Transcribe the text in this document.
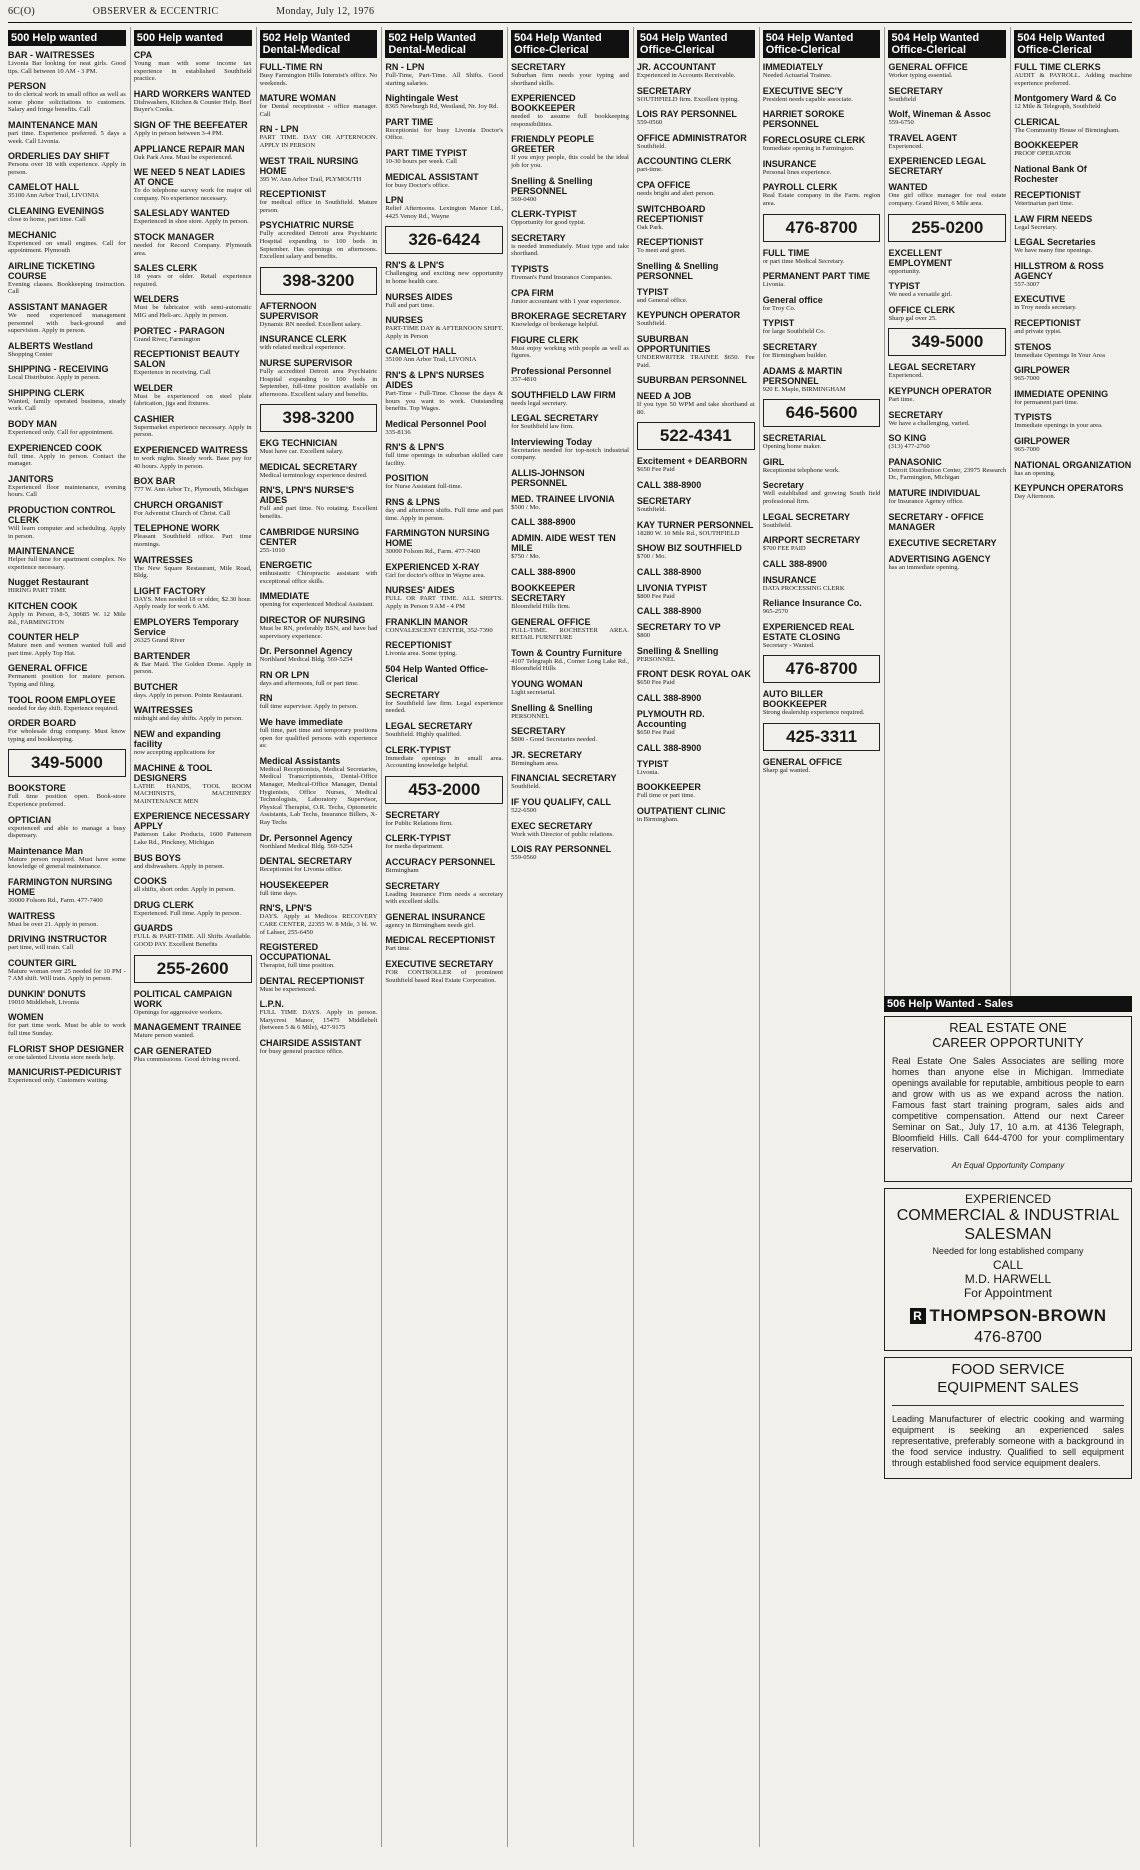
6C(O)	OBSERVER & ECCENTRIC	Monday, July 12, 1976
500 Help wanted
BAR - WAITRESSES
Livonia Bar looking for neat girls. Good tips. Call between 10 AM - 3 PM.
PERSON
to do clerical work in small office as well as some phone solicitations to customers. Salary and fringe benefits. Call
MAINTENANCE MAN
part time. Experience preferred. 5 days a week. Call Livonia.
ORDERLIES DAY SHIFT
Persons over 18 with experience. Apply in person.
CAMELOT HALL
35100 Ann Arbor Trail, LIVONIA
CLEANING EVENINGS
close to home, part time. Call
MECHANIC
Experienced on small engines. Call for appointment. Plymouth
AIRLINE TICKETING COURSE
Evening classes. Bookkeeping instruction. Call
ASSISTANT MANAGER
We need experienced management personnel with back-ground and supervision. Apply in person.
ALBERTS Westland
Shopping Center
SHIPPING - RECEIVING
Local Distributor. Apply in person.
SHIPPING CLERK
Wanted, family operated business, steady work. Call
BODY MAN
Experienced only. Call for appointment.
EXPERIENCED COOK
full time. Apply in person. Contact the manager.
JANITORS
Experienced floor maintenance, evening hours. Call
PRODUCTION CONTROL CLERK
Will learn computer and scheduling. Apply in person.
MAINTENANCE
Helper full time for apartment complex. No experience necessary.
Nugget Restaurant
HIRING PART TIME
KITCHEN COOK
Apply in Person, 8-5, 30685 W. 12 Mile Rd., FARMINGTON
COUNTER HELP
Mature men and women wanted full and part time. Apply Top Hat.
GENERAL OFFICE
Permanent position for mature person. Typing and filing.
TOOL ROOM EMPLOYEE
needed for day shift. Experience required.
ORDER BOARD
For wholesale drug company. Must know typing and bookkeeping.
349-5000
BOOKSTORE
Full time position open. Book-store Experience preferred.
OPTICIAN
experienced and able to manage a busy dispensary.
Maintenance Man
Mature person required. Must have some knowledge of general maintenance.
FARMINGTON NURSING HOME
30000 Folsom Rd., Farm. 477-7400
WAITRESS
Must be over 21. Apply in person.
DRIVING INSTRUCTOR
part time, will train. Call
COUNTER GIRL
Mature woman over 25 needed for 10 PM - 7 AM shift. Will train. Apply in person.
DUNKIN' DONUTS
19010 Middlebelt, Livonia
WOMEN
for part time work. Must be able to work full time Sunday.
FLORIST SHOP DESIGNER
or one talented Livonia store needs help.
MANICURIST-PEDICURIST
Experienced only. Customers waiting.
500 Help wanted
CPA
Young man with some income tax experience in established Southfield practice.
HARD WORKERS WANTED
Dishwashers, Kitchen & Counter Help. Beef Buyer's Cooks.
SIGN OF THE BEEFEATER
Apply in person between 3-4 PM.
APPLIANCE REPAIR MAN
Oak Park Area. Must be experienced.
WE NEED 5 NEAT LADIES AT ONCE
To do telephone survey work for major oil company. No experience necessary.
SALESLADY WANTED
Experienced in shoe store. Apply in person.
STOCK MANAGER
needed for Record Company. Plymouth area.
SALES CLERK
18 years or older. Retail experience required.
WELDERS
Must be fabricator with semi-automatic MIG and Heli-arc. Apply in person.
PORTEC - PARAGON
Grand River, Farmington
RECEPTIONIST BEAUTY SALON
Experience in receiving. Call
WELDER
Must be experienced on steel plate fabrication, jigs and fixtures.
CASHIER
Supermarket experience necessary. Apply in person.
EXPERIENCED WAITRESS
to work nights. Steady work. Base pay for 40 hours. Apply in person.
BOX BAR
777 W. Ann Arbor Tr., Plymouth, Michigan
CHURCH ORGANIST
For Adventist Church of Christ. Call
TELEPHONE WORK
Pleasant Southfield office. Part time mornings.
WAITRESSES
The New Square Restaurant, Mile Road, Bldg.
LIGHT FACTORY
DAYS. Men needed 18 or older, $2.30 hour. Apply ready for work 6 AM.
EMPLOYERS Temporary Service
26325 Grand River
BARTENDER
& Bar Maid. The Golden Dome. Apply in person.
BUTCHER
days. Apply in person. Pointe Restaurant.
WAITRESSES
midnight and day shifts. Apply in person.
NEW and expanding facility
now accepting applications for
MACHINE & TOOL DESIGNERS
LATHE HANDS, TOOL ROOM MACHINISTS, MACHINERY MAINTENANCE MEN
EXPERIENCE NECESSARY APPLY
Patterson Lake Products, 1600 Patterson Lake Rd., Pinckney, Michigan
BUS BOYS
and dishwashers. Apply in person.
COOKS
all shifts, short order. Apply in person.
DRUG CLERK
Experienced. Full time. Apply in person.
GUARDS
FULL & PART-TIME. All Shifts Available. GOOD PAY. Excellent Benefits
255-2600
POLITICAL CAMPAIGN WORK
Openings for aggressive workers.
MANAGEMENT TRAINEE
Mature person wanted.
CAR GENERATED
Plus commissions. Good driving record.
502 Help Wanted Dental-Medical
FULL-TIME RN
Busy Farmington Hills Internist's office. No weekends.
MATURE WOMAN
for Dental receptionist - office manager. Call
RN - LPN
PART TIME. DAY OR AFTERNOON. APPLY IN PERSON
WEST TRAIL NURSING HOME
395 W. Ann Arbor Trail, PLYMOUTH
RECEPTIONIST
for medical office in Southfield. Mature person.
PSYCHIATRIC NURSE
Fully accredited Detroit area Psychiatric Hospital expanding to 100 beds in September. Has openings on afternoons. Excellent salary and benefits.
398-3200
AFTERNOON SUPERVISOR
Dynamic RN needed. Excellent salary.
INSURANCE CLERK
with related medical experience.
NURSE SUPERVISOR
Fully accredited Detroit area Psychiatric Hospital expanding to 100 beds in September, full-time position available on afternoons. Excellent salary and benefits.
398-3200
EKG TECHNICIAN
Must have car. Excellent salary.
MEDICAL SECRETARY
Medical terminology experience desired.
RN'S, LPN'S NURSE'S AIDES
Full and part time. No rotating. Excellent benefits.
CAMBRIDGE NURSING CENTER
255-1010
ENERGETIC
enthusiastic Chiropractic assistant with exceptional office skills.
IMMEDIATE
opening for experienced Medical Assistant.
DIRECTOR OF NURSING
Must be RN, preferably BSN, and have had supervisory experience.
Dr. Personnel Agency
Northland Medical Bldg. 569-5254
RN OR LPN
days and afternoons, full or part time.
RN
full time supervisor. Apply in person.
We have immediate
full time, part time and temporary positions open for qualified persons with experience as:
Medical Assistants
Medical Receptionists, Medical Secretaries, Medical Transcriptionists, Dental-Office Manager, Medical-Office Manager, Dental Hygienists, Office Nurses, Medical Technologists, Laboratory Supervisor, Physical Therapist, O.R. Techs, Optometric Assistants, Lab Techs, Insurance Billers, X-Ray Techs
Dr. Personnel Agency
Northland Medical Bldg. 569-5254
DENTAL SECRETARY
Receptionist for Livonia office.
HOUSEKEEPER
full time days.
RN'S, LPN'S
DAYS. Apply at Medicos RECOVERY CARE CENTER, 22355 W. 8 Mile, 3 bl. W. of Lahser, 255-6450
REGISTERED OCCUPATIONAL
Therapist, full time position.
DENTAL RECEPTIONIST
Must be experienced.
L.P.N.
FULL TIME DAYS. Apply in person. Marycrest Manor, 15475 Middlebelt (between 5 & 6 Mile), 427-9175
CHAIRSIDE ASSISTANT
for busy general practice office.
502 Help Wanted Dental-Medical
RN - LPN
Full-Time, Part-Time. All Shifts. Good starting salaries.
Nightingale West
8365 Newburgh Rd, Westland, Nr. Joy Rd.
PART TIME
Receptionist for busy Livonia Doctor's Office.
PART TIME TYPIST
10-30 hours per week. Call
MEDICAL ASSISTANT
for busy Doctor's office.
LPN
Relief Afternoons. Lexington Manor Ltd., 4425 Venoy Rd., Wayne
326-6424
RN'S & LPN'S
Challenging and exciting new opportunity in home health care.
NURSES AIDES
Full and part time.
NURSES
PART-TIME DAY & AFTERNOON SHIFT. Apply in Person
CAMELOT HALL
35100 Ann Arbor Trail, LIVONIA
RN'S & LPN'S NURSES AIDES
Part-Time - Full-Time. Choose the days & hours you want to work. Outstanding benefits. Top Wages.
Medical Personnel Pool
335-8136
RN'S & LPN'S
full time openings in suburban skilled care facility.
POSITION
for Nurse Assistant full-time.
RNS & LPNS
day and afternoon shifts. Full time and part time. Apply in person.
FARMINGTON NURSING HOME
30000 Folsom Rd., Farm. 477-7400
EXPERIENCED X-RAY
Girl for doctor's office in Wayne area.
NURSES' AIDES
FULL OR PART TIME. ALL SHIFTS. Apply in Person 9 AM - 4 PM
FRANKLIN MANOR
CONVALESCENT CENTER, 352-7390
RECEPTIONIST
Livonia area. Some typing.
504 Help Wanted Office-Clerical
SECRETARY
for Southfield law firm. Legal experience needed.
LEGAL SECRETARY
Southfield. Highly qualified.
CLERK-TYPIST
Immediate openings in small area. Accounting knowledge helpful.
453-2000
SECRETARY
for Public Relations firm.
CLERK-TYPIST
for media department.
ACCURACY PERSONNEL
Birmingham
SECRETARY
Leading Insurance Firm needs a secretary with excellent skills.
GENERAL INSURANCE
agency in Birmingham needs girl.
MEDICAL RECEPTIONIST
Part time.
EXECUTIVE SECRETARY
FOR CONTROLLER of prominent Southfield based Real Estate Corporation.
504 Help Wanted Office-Clerical
SECRETARY
Suburban firm needs your typing and shorthand skills.
EXPERIENCED BOOKKEEPER
needed to assume full bookkeeping responsibilities.
FRIENDLY PEOPLE GREETER
If you enjoy people, this could be the ideal job for you.
Snelling & Snelling PERSONNEL
569-0400
CLERK-TYPIST
Opportunity for good typist.
SECRETARY
is needed immediately. Must type and take shorthand.
TYPISTS
Fireman's Fund Insurance Companies.
CPA FIRM
Junior accountant with 1 year experience.
BROKERAGE SECRETARY
Knowledge of brokerage helpful.
FIGURE CLERK
Must enjoy working with people as well as figures.
Professional Personnel
357-4810
SOUTHFIELD LAW FIRM
needs legal secretary.
LEGAL SECRETARY
for Southfield law firm.
Interviewing Today
Secretaries needed for top-notch industrial company.
ALLIS-JOHNSON PERSONNEL
MED. TRAINEE LIVONIA
$500 / Mo.
CALL 388-8900
ADMIN. AIDE WEST TEN MILE
$750 / Mo.
CALL 388-8900
BOOKKEEPER SECRETARY
Bloomfield Hills firm.
GENERAL OFFICE
FULL-TIME. ROCHESTER AREA. RETAIL FURNITURE
Town & Country Furniture
4107 Telegraph Rd., Corner Long Lake Rd., Bloomfield Hills
YOUNG WOMAN
Light secretarial.
Snelling & Snelling
PERSONNEL
SECRETARY
$800 - Good Secretaries needed.
JR. SECRETARY
Birmingham area.
FINANCIAL SECRETARY
Southfield.
IF YOU QUALIFY, CALL
522-6500
EXEC SECRETARY
Work with Director of public relations.
LOIS RAY PERSONNEL
559-0560
504 Help Wanted Office-Clerical
JR. ACCOUNTANT
Experienced in Accounts Receivable.
SECRETARY
SOUTHFIELD firm. Excellent typing.
LOIS RAY PERSONNEL
559-0560
OFFICE ADMINISTRATOR
Southfield.
ACCOUNTING CLERK
part-time.
CPA OFFICE
needs bright and alert person.
SWITCHBOARD RECEPTIONIST
Oak Park.
RECEPTIONIST
To meet and greet.
Snelling & Snelling PERSONNEL
TYPIST
and General office.
KEYPUNCH OPERATOR
Southfield.
SUBURBAN OPPORTUNITIES
UNDERWRITER TRAINEE $650. Fee Paid.
SUBURBAN PERSONNEL
NEED A JOB
If you type 50 WPM and take shorthand at 80.
522-4341
Excitement + DEARBORN
$650 Fee Paid
CALL 388-8900
SECRETARY
Southfield.
KAY TURNER PERSONNEL
18280 W. 10 Mile Rd., SOUTHFIELD
SHOW BIZ SOUTHFIELD
$700 / Mo.
CALL 388-8900
LIVONIA TYPIST
$800 Fee Paid
CALL 388-8900
SECRETARY TO VP
$800
Snelling & Snelling
PERSONNEL
FRONT DESK ROYAL OAK
$650 Fee Paid
CALL 388-8900
PLYMOUTH RD. Accounting
$650 Fee Paid
CALL 388-8900
TYPIST
Livonia.
BOOKKEEPER
Full time or part time.
OUTPATIENT CLINIC
in Birmingham.
504 Help Wanted Office-Clerical
IMMEDIATELY
Needed Actuarial Trainee.
EXECUTIVE SEC'Y
President needs capable associate.
HARRIET SOROKE PERSONNEL
FORECLOSURE CLERK
Immediate opening in Farmington.
INSURANCE
Personal lines experience.
PAYROLL CLERK
Real Estate company in the Farm. region area.
476-8700
FULL TIME
or part time Medical Secretary.
PERMANENT PART TIME
Livonia.
General office
for Troy Co.
TYPIST
for large Southfield Co.
SECRETARY
for Birmingham builder.
ADAMS & MARTIN PERSONNEL
920 E. Maple, BIRMINGHAM
646-5600
SECRETARIAL
Opening home maker.
GIRL
Receptionist telephone work.
Secretary
Well established and growing South field professional firm.
LEGAL SECRETARY
Southfield.
AIRPORT SECRETARY
$700 FEE PAID
CALL 388-8900
INSURANCE
DATA PROCESSING CLERK
Reliance Insurance Co.
965-2570
EXPERIENCED REAL ESTATE CLOSING
Secretary - Wanted.
476-8700
AUTO BILLER BOOKKEEPER
Strong dealership experience required.
425-3311
GENERAL OFFICE
Sharp gal wanted.
504 Help Wanted Office-Clerical
GENERAL OFFICE
Worker typing essential.
SECRETARY
Southfield
Wolf, Wineman & Assoc
559-6750
TRAVEL AGENT
Experienced.
EXPERIENCED LEGAL SECRETARY
WANTED
One girl office manager for real estate company. Grand River, 6 Mile area.
255-0200
EXCELLENT EMPLOYMENT
opportunity.
TYPIST
We need a versatile girl.
OFFICE CLERK
Sharp gal over 25.
349-5000
LEGAL SECRETARY
Experienced.
KEYPUNCH OPERATOR
Part time.
SECRETARY
We have a challenging, varied.
SO KING
(313) 477-2760
PANASONIC
Detroit Distribution Center, 23975 Research Dr., Farmington, Michigan
MATURE INDIVIDUAL
for Insurance Agency office.
SECRETARY - OFFICE MANAGER
EXECUTIVE SECRETARY
ADVERTISING AGENCY
has an immediate opening.
504 Help Wanted Office-Clerical
FULL TIME CLERKS
AUDIT & PAYROLL. Adding machine experience preferred.
Montgomery Ward & Co
12 Mile & Telegraph, Southfield
CLERICAL
The Community House of Birmingham.
BOOKKEEPER
PROOF OPERATOR
National Bank Of Rochester
RECEPTIONIST
Veterinarian part time.
LAW FIRM NEEDS
Legal Secretary.
LEGAL Secretaries
We have many fine openings.
HILLSTROM & ROSS AGENCY
557-3007
EXECUTIVE
in Troy needs secretary.
RECEPTIONIST
and private typist.
STENOS
Immediate Openings In Your Area
GIRLPOWER
965-7000
IMMEDIATE OPENING
for permanent part time.
TYPISTS
Immediate openings in your area.
GIRLPOWER
965-7000
NATIONAL ORGANIZATION
has an opening.
KEYPUNCH OPERATORS
Day Afternoon.
506 Help Wanted - Sales
REAL ESTATE ONE
CAREER OPPORTUNITY
Real Estate One Sales Associates are selling more homes than anyone else in Michigan. Immediate openings available for reputable, ambitious people to earn and grow with us as we expand across the nation. Famous fast start training program, sales aids and competitive compensation. Attend our next Career Seminar on Sat., July 17, 10 a.m. at 4136 Telegraph, Bloomfield Hills. Call 644-4700 for your complimentary reservation.
An Equal Opportunity Company
EXPERIENCED
COMMERCIAL & INDUSTRIAL
SALESMAN
Needed for long established company
CALL
M.D. HARWELL
For Appointment
R THOMPSON-BROWN
476-8700
FOOD SERVICE
EQUIPMENT SALES
Leading Manufacturer of electric cooking and warming equipment is seeking an experienced sales representative, preferably someone with a background in the food service industry. Qualified to sell equipment through established food service equipment dealers.
